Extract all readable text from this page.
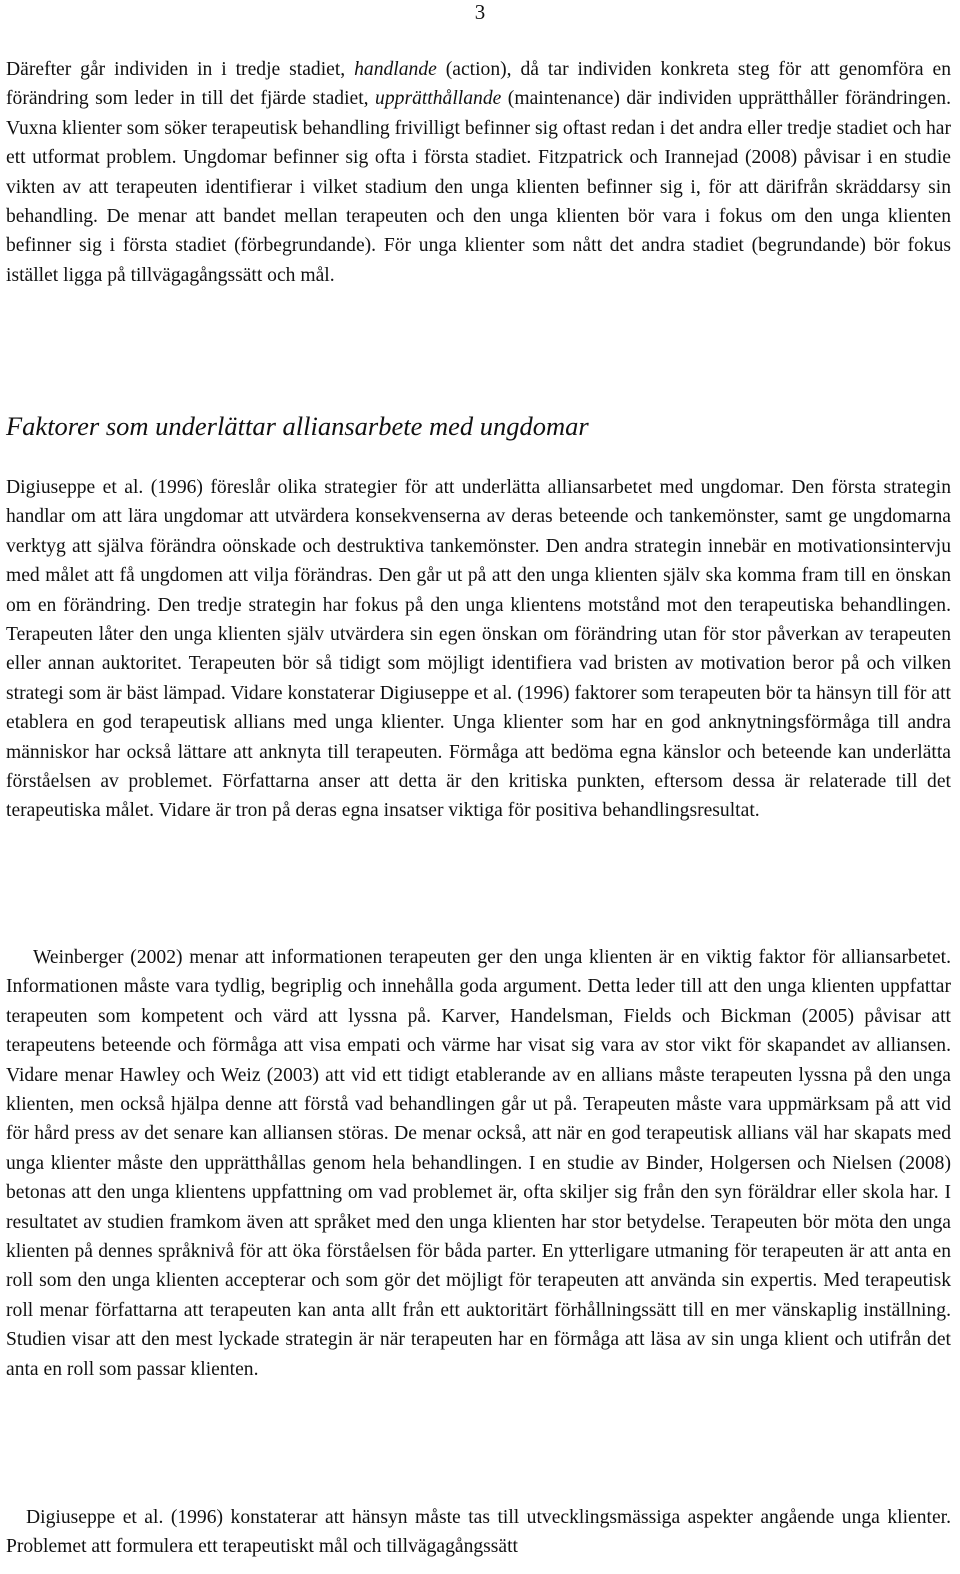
3

Därefter går individen in i tredje stadiet, handlande (action), då tar individen konkreta steg för att genomföra en förändring som leder in till det fjärde stadiet, upprätthållande (maintenance) där individen upprätthåller förändringen. Vuxna klienter som söker terapeutisk behandling frivilligt befinner sig oftast redan i det andra eller tredje stadiet och har ett utformat problem. Ungdomar befinner sig ofta i första stadiet. Fitzpatrick och Irannejad (2008) påvisar i en studie vikten av att terapeuten identifierar i vilket stadium den unga klienten befinner sig i, för att därifrån skräddarsy sin behandling. De menar att bandet mellan terapeuten och den unga klienten bör vara i fokus om den unga klienten befinner sig i första stadiet (förbegrundandе). För unga klienter som nått det andra stadiet (begrundande) bör fokus istället ligga på tillvägagångssätt och mål.

Faktorer som underlättar alliansarbete med ungdomar

Digiuseppe et al. (1996) föreslår olika strategier för att underlätta alliansarbetet med ungdomar. Den första strategin handlar om att lära ungdomar att utvärdera konsekvenserna av deras beteende och tankemönster, samt ge ungdomarna verktyg att själva förändra oönskade och destruktiva tankemönster. Den andra strategin innebär en motivationsintervju med målet att få ungdomen att vilja förändras. Den går ut på att den unga klienten själv ska komma fram till en önskan om en förändring. Den tredje strategin har fokus på den unga klientens motstånd mot den terapeutiska behandlingen. Terapeuten låter den unga klienten själv utvärdera sin egen önskan om förändring utan för stor påverkan av terapeuten eller annan auktoritet. Terapeuten bör så tidigt som möjligt identifiera vad bristen av motivation beror på och vilken strategi som är bäst lämpad. Vidare konstaterar Digiuseppe et al. (1996) faktorer som terapeuten bör ta hänsyn till för att etablera en god terapeutisk allians med unga klienter. Unga klienter som har en god anknytningsförmåga till andra människor har också lättare att anknyta till terapeuten. Förmåga att bedöma egna känslor och beteende kan underlätta förståelsen av problemet. Författarna anser att detta är den kritiska punkten, eftersom dessa är relaterade till det terapeutiska målet. Vidare är tron på deras egna insatser viktiga för positiva behandlingsresultat.

Weinberger (2002) menar att informationen terapeuten ger den unga klienten är en viktig faktor för alliansarbetet. Informationen måste vara tydlig, begriplig och innehålla goda argument. Detta leder till att den unga klienten uppfattar terapeuten som kompetent och värd att lyssna på. Karver, Handelsman, Fields och Bickman (2005) påvisar att terapeutens beteende och förmåga att visa empati och värme har visat sig vara av stor vikt för skapandet av alliansen. Vidare menar Hawley och Weiz (2003) att vid ett tidigt etablerande av en allians måste terapeuten lyssna på den unga klienten, men också hjälpa denne att förstå vad behandlingen går ut på. Terapeuten måste vara uppmärksam på att vid för hård press av det senare kan alliansen störas. De menar också, att när en god terapeutisk allians väl har skapats med unga klienter måste den upprätthållas genom hela behandlingen. I en studie av Binder, Holgersen och Nielsen (2008) betonas att den unga klientens uppfattning om vad problemet är, ofta skiljer sig från den syn föräldrar eller skola har. I resultatet av studien framkom även att språket med den unga klienten har stor betydelse. Terapeuten bör möta den unga klienten på dennes språknivå för att öka förståelsen för båda parter. En ytterligare utmaning för terapeuten är att anta en roll som den unga klienten accepterar och som gör det möjligt för terapeuten att använda sin expertis. Med terapeutisk roll menar författarna att terapeuten kan anta allt från ett auktoritärt förhållningssätt till en mer vänskaplig inställning. Studien visar att den mest lyckade strategin är när terapeuten har en förmåga att läsa av sin unga klient och utifrån det anta en roll som passar klienten.

Digiuseppe et al. (1996) konstaterar att hänsyn måste tas till utvecklingsmässiga aspekter angående unga klienter. Problemet att formulera ett terapeutiskt mål och tillvägagångssätt
